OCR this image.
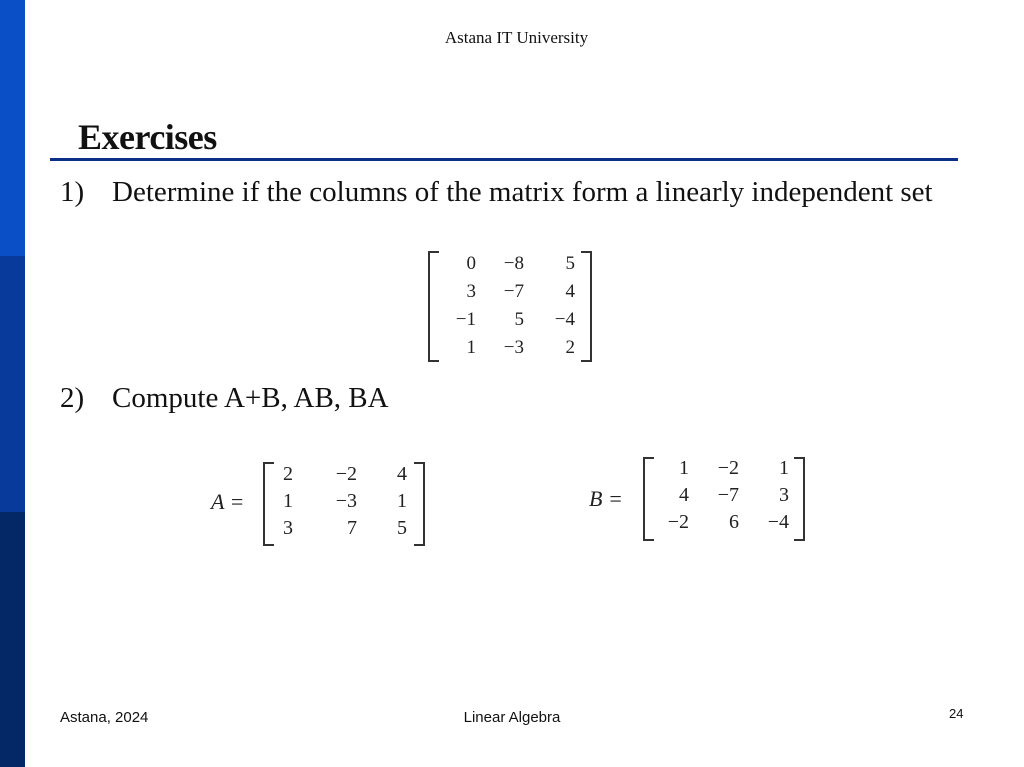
Astana IT University
Exercises
1) Determine if the columns of the matrix form a linearly independent set
0 −8 5
3 −7 4
−1 5 −4
1 −3 2
2) Compute A+B, AB, BA
A =
2 −2 4
1 −3 1
3	7 5
B =
1 −2 1
4 −7 3
−2 6 −4
Astana, 2024	Linear Algebra	24
